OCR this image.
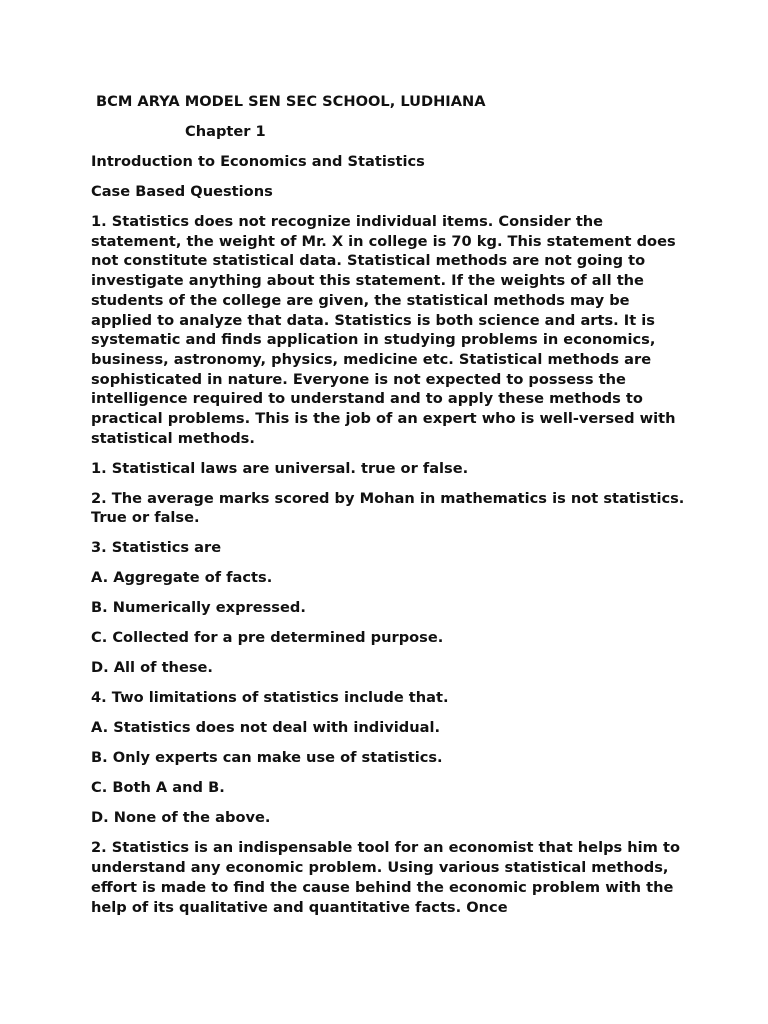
BCM ARYA MODEL SEN SEC SCHOOL, LUDHIANA

Chapter 1

Introduction to Economics and Statistics

Case Based Questions

1. Statistics does not recognize individual items. Consider the statement, the weight of Mr. X in college is 70 kg. This statement does not constitute statistical data. Statistical methods are not going to investigate anything about this statement. If the weights of all the students of the college are given, the statistical methods may be applied to analyze that data. Statistics is both science and arts. It is systematic and finds application in studying problems in economics, business, astronomy, physics, medicine etc. Statistical methods are sophisticated in nature. Everyone is not expected to possess the intelligence required to understand and to apply these methods to practical problems. This is the job of an expert who is well-versed with statistical methods.

1. Statistical laws are universal. true or false.

2. The average marks scored by Mohan in mathematics is not statistics. True or false.

3. Statistics are

A. Aggregate of facts.

B. Numerically expressed.

C. Collected for a pre determined purpose.

D. All of these.

4. Two limitations of statistics include that.

A. Statistics does not deal with individual.

B. Only experts can make use of statistics.

C. Both A and B.

D. None of the above.

2. Statistics is an indispensable tool for an economist that helps him to understand any economic problem. Using various statistical methods, effort is made to find the cause behind the economic problem with the help of its qualitative and quantitative facts. Once
